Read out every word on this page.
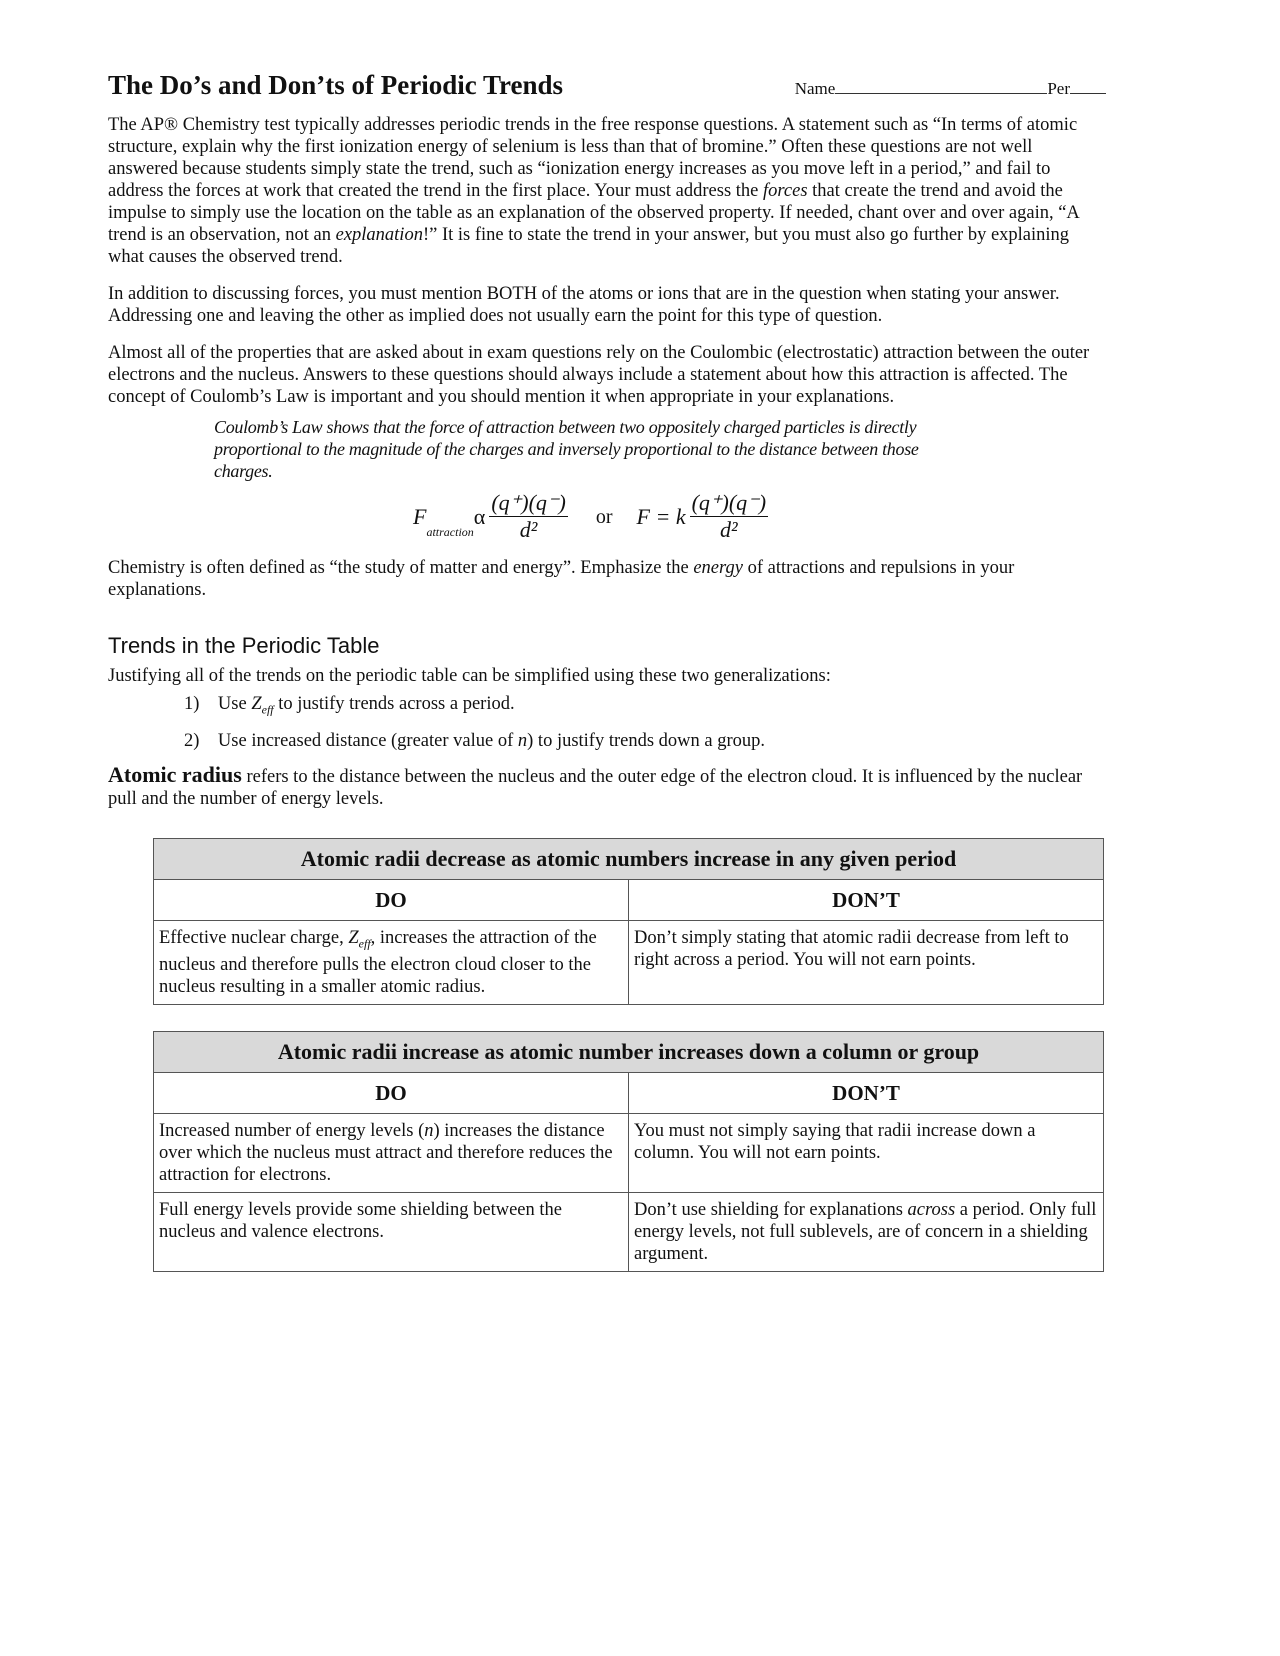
The Do’s and Don’ts of Periodic Trends	Name	Per

The AP® Chemistry test typically addresses periodic trends in the free response questions. A statement such as “In terms of atomic structure, explain why the first ionization energy of selenium is less than that of bromine.” Often these questions are not well answered because students simply state the trend, such as “ionization energy increases as you move left in a period,” and fail to address the forces at work that created the trend in the first place. Your must address the forces that create the trend and avoid the impulse to simply use the location on the table as an explanation of the observed property. If needed, chant over and over again, “A trend is an observation, not an explanation!” It is fine to state the trend in your answer, but you must also go further by explaining what causes the observed trend.

In addition to discussing forces, you must mention BOTH of the atoms or ions that are in the question when stating your answer. Addressing one and leaving the other as implied does not usually earn the point for this type of question.

Almost all of the properties that are asked about in exam questions rely on the Coulombic (electrostatic) attraction between the outer electrons and the nucleus. Answers to these questions should always include a statement about how this attraction is affected. The concept of Coulomb’s Law is important and you should mention it when appropriate in your explanations.

Coulomb’s Law shows that the force of attraction between two oppositely charged particles is directly proportional to the magnitude of the charges and inversely proportional to the distance between those charges.
F
$_{attraction}$
α $\frac{(q^+)(q^-)}{\text{d²}}$ or F = k $\frac{(q^+)(q^-)}{\text{d²}}$

Chemistry is often defined as “the study of matter and energy”. Emphasize the energy of attractions and repulsions in your explanations.

Trends in the Periodic Table
Justifying all of the trends on the periodic table can be simplified using these two generalizations:
1) Use $Z_{eff}$ to justify trends across a period.
2) Use increased distance (greater value of n) to justify trends down a group.

Atomic radius refers to the distance between the nucleus and the outer edge of the electron cloud. It is influenced by the nuclear pull and the number of energy levels.

Atomic radii decrease as atomic numbers increase in any given period	
DO	DON’T
Effective nuclear charge, $Z_{eff}$, increases the attraction of the nucleus and therefore pulls the electron cloud closer to the nucleus resulting in a smaller atomic radius.	Don’t simply stating that atomic radii decrease from left to right across a period. You will not earn points.
Atomic radii increase as atomic number increases down a column or group	
DO	DON’T
Increased number of energy levels (n) increases the distance over which the nucleus must attract and therefore reduces the attraction for electrons.	You must not simply saying that radii increase down a column. You will not earn points.
Full energy levels provide some shielding between the nucleus and valence electrons.	Don’t use shielding for explanations across a period. Only full energy levels, not full sublevels, are of concern in a shielding argument.
